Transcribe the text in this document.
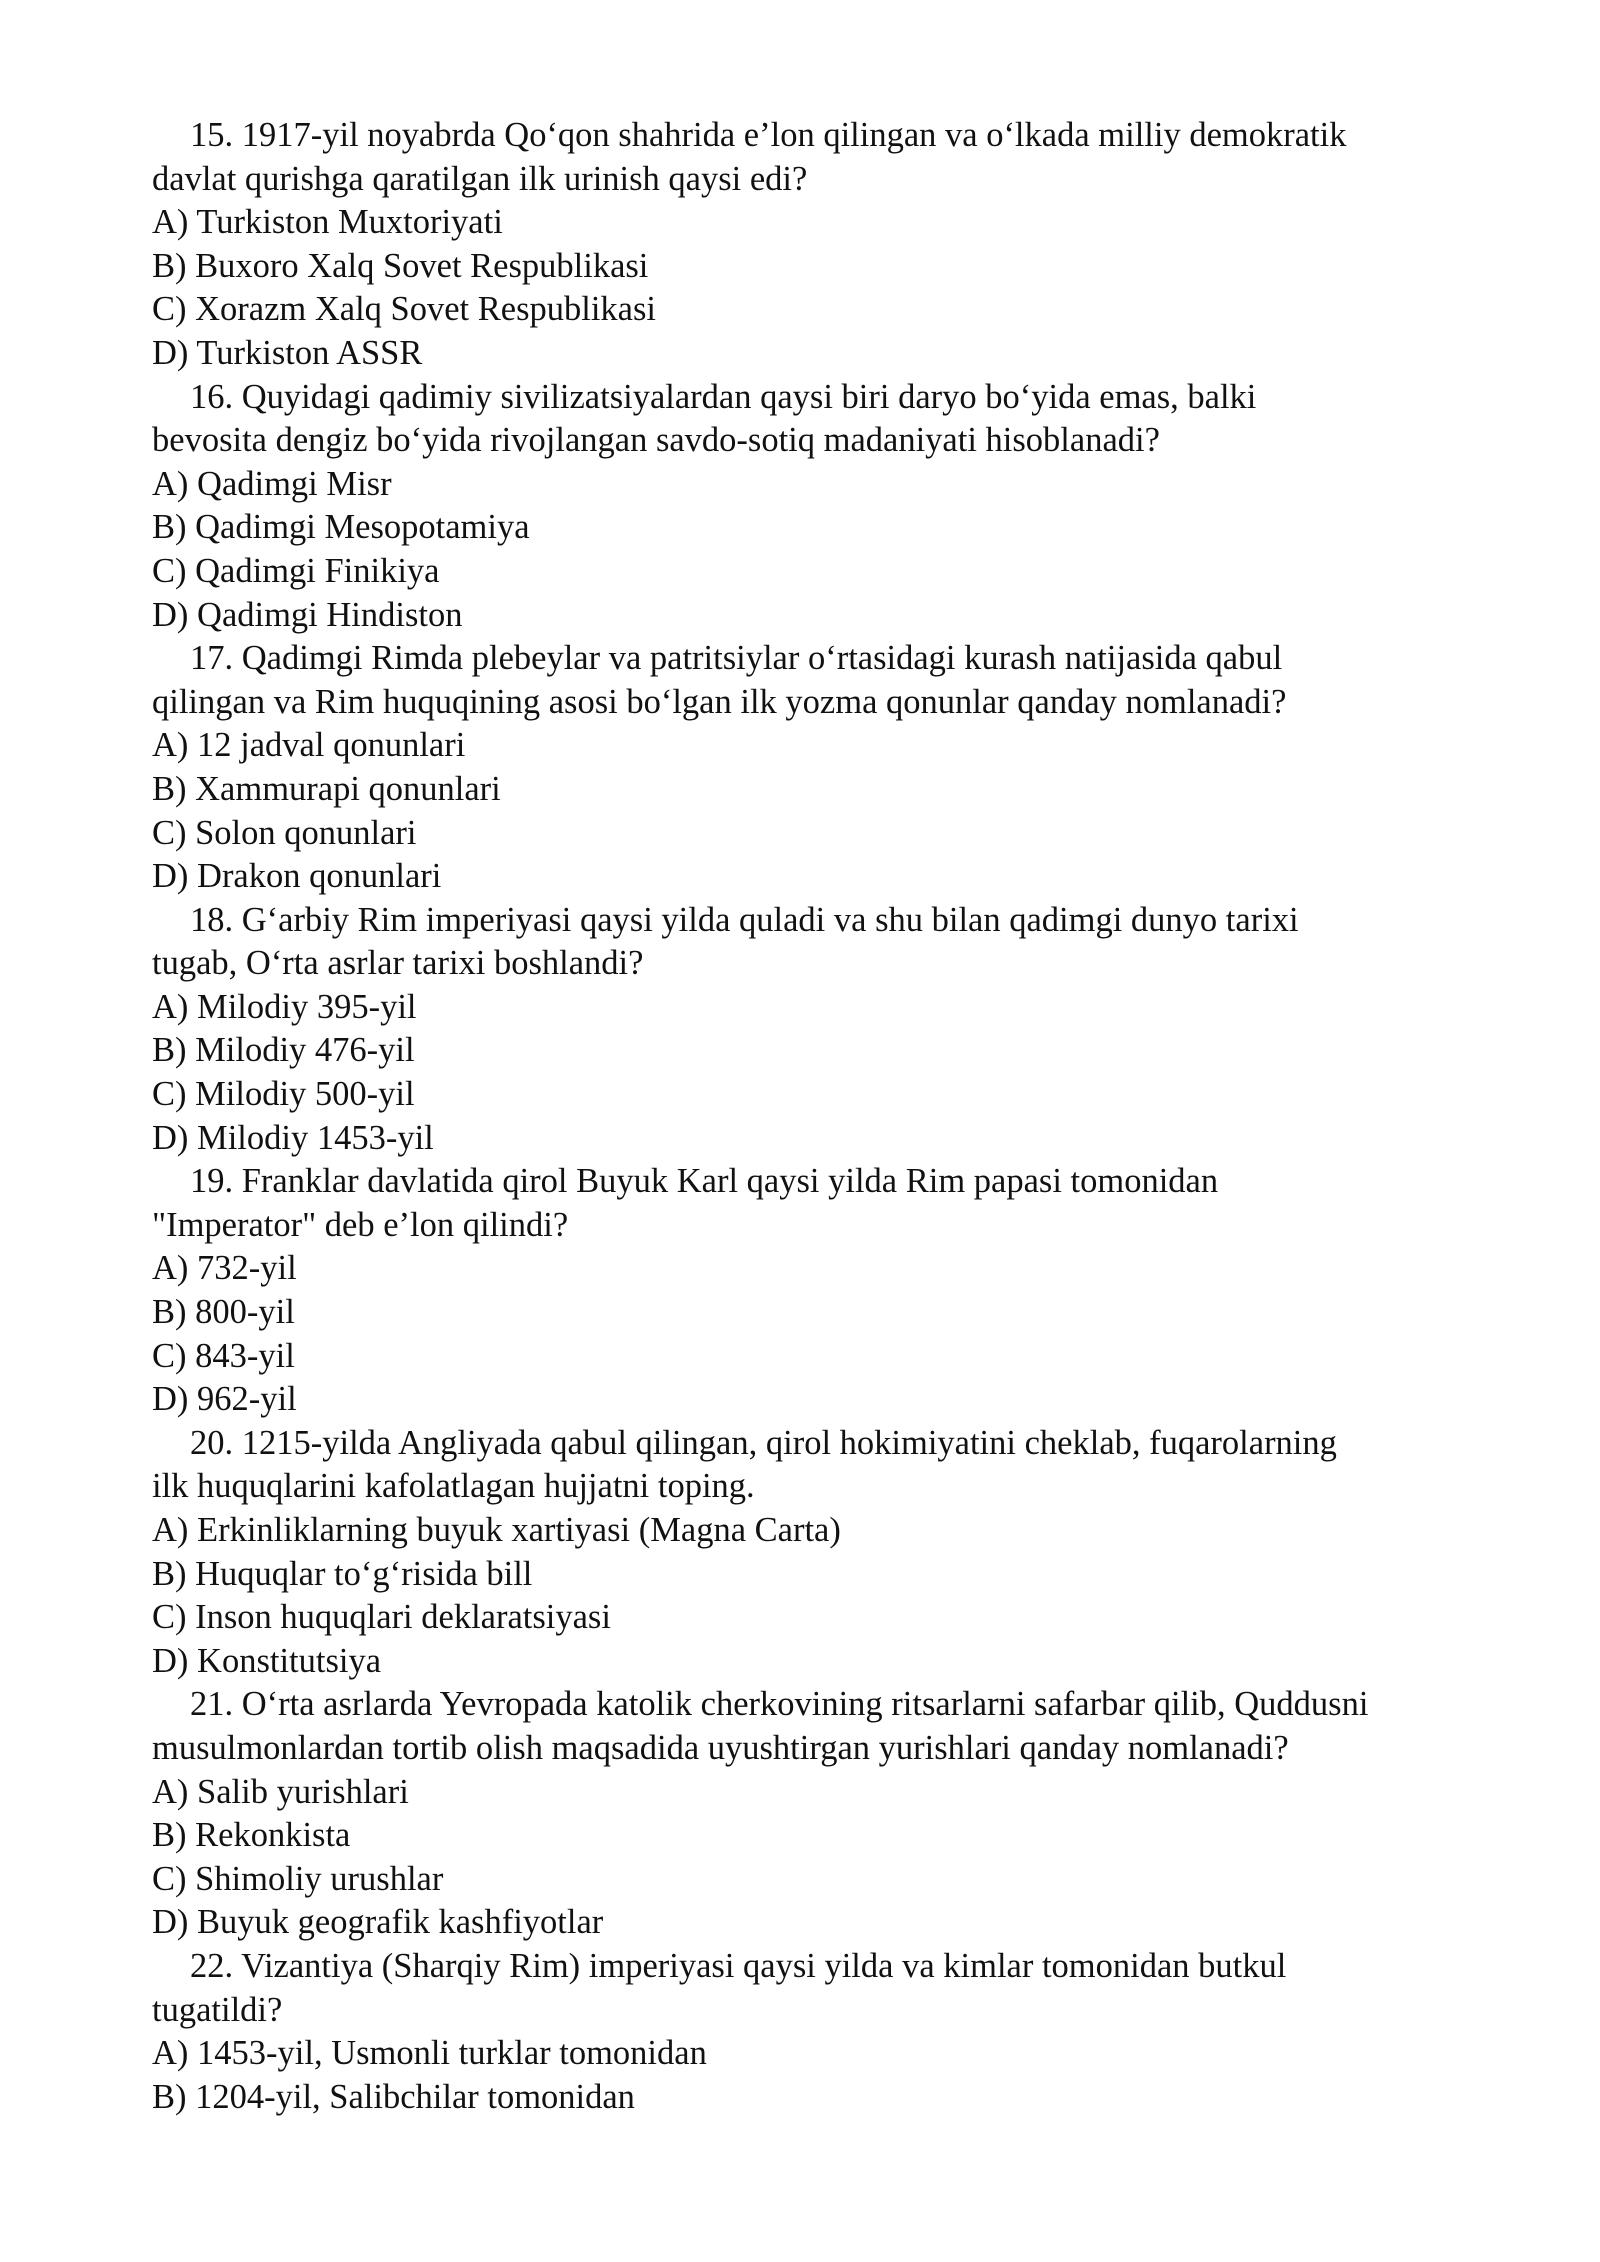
15. 1917-yil noyabrda Qo‘qon shahrida e’lon qilingan va o‘lkada milliy demokratik
davlat qurishga qaratilgan ilk urinish qaysi edi?
A) Turkiston Muxtoriyati
B) Buxoro Xalq Sovet Respublikasi
C) Xorazm Xalq Sovet Respublikasi
D) Turkiston ASSR
16. Quyidagi qadimiy sivilizatsiyalardan qaysi biri daryo bo‘yida emas, balki
bevosita dengiz bo‘yida rivojlangan savdo-sotiq madaniyati hisoblanadi?
A) Qadimgi Misr
B) Qadimgi Mesopotamiya
C) Qadimgi Finikiya
D) Qadimgi Hindiston
17. Qadimgi Rimda plebeylar va patritsiylar o‘rtasidagi kurash natijasida qabul
qilingan va Rim huquqining asosi bo‘lgan ilk yozma qonunlar qanday nomlanadi?
A) 12 jadval qonunlari
B) Xammurapi qonunlari
C) Solon qonunlari
D) Drakon qonunlari
18. G‘arbiy Rim imperiyasi qaysi yilda quladi va shu bilan qadimgi dunyo tarixi
tugab, O‘rta asrlar tarixi boshlandi?
A) Milodiy 395-yil
B) Milodiy 476-yil
C) Milodiy 500-yil
D) Milodiy 1453-yil
19. Franklar davlatida qirol Buyuk Karl qaysi yilda Rim papasi tomonidan
"Imperator" deb e’lon qilindi?
A) 732-yil
B) 800-yil
C) 843-yil
D) 962-yil
20. 1215-yilda Angliyada qabul qilingan, qirol hokimiyatini cheklab, fuqarolarning
ilk huquqlarini kafolatlagan hujjatni toping.
A) Erkinliklarning buyuk xartiyasi (Magna Carta)
B) Huquqlar to‘g‘risida bill
C) Inson huquqlari deklaratsiyasi
D) Konstitutsiya
21. O‘rta asrlarda Yevropada katolik cherkovining ritsarlarni safarbar qilib, Quddusni
musulmonlardan tortib olish maqsadida uyushtirgan yurishlari qanday nomlanadi?
A) Salib yurishlari
B) Rekonkista
C) Shimoliy urushlar
D) Buyuk geografik kashfiyotlar
22. Vizantiya (Sharqiy Rim) imperiyasi qaysi yilda va kimlar tomonidan butkul
tugatildi?
A) 1453-yil, Usmonli turklar tomonidan
B) 1204-yil, Salibchilar tomonidan
